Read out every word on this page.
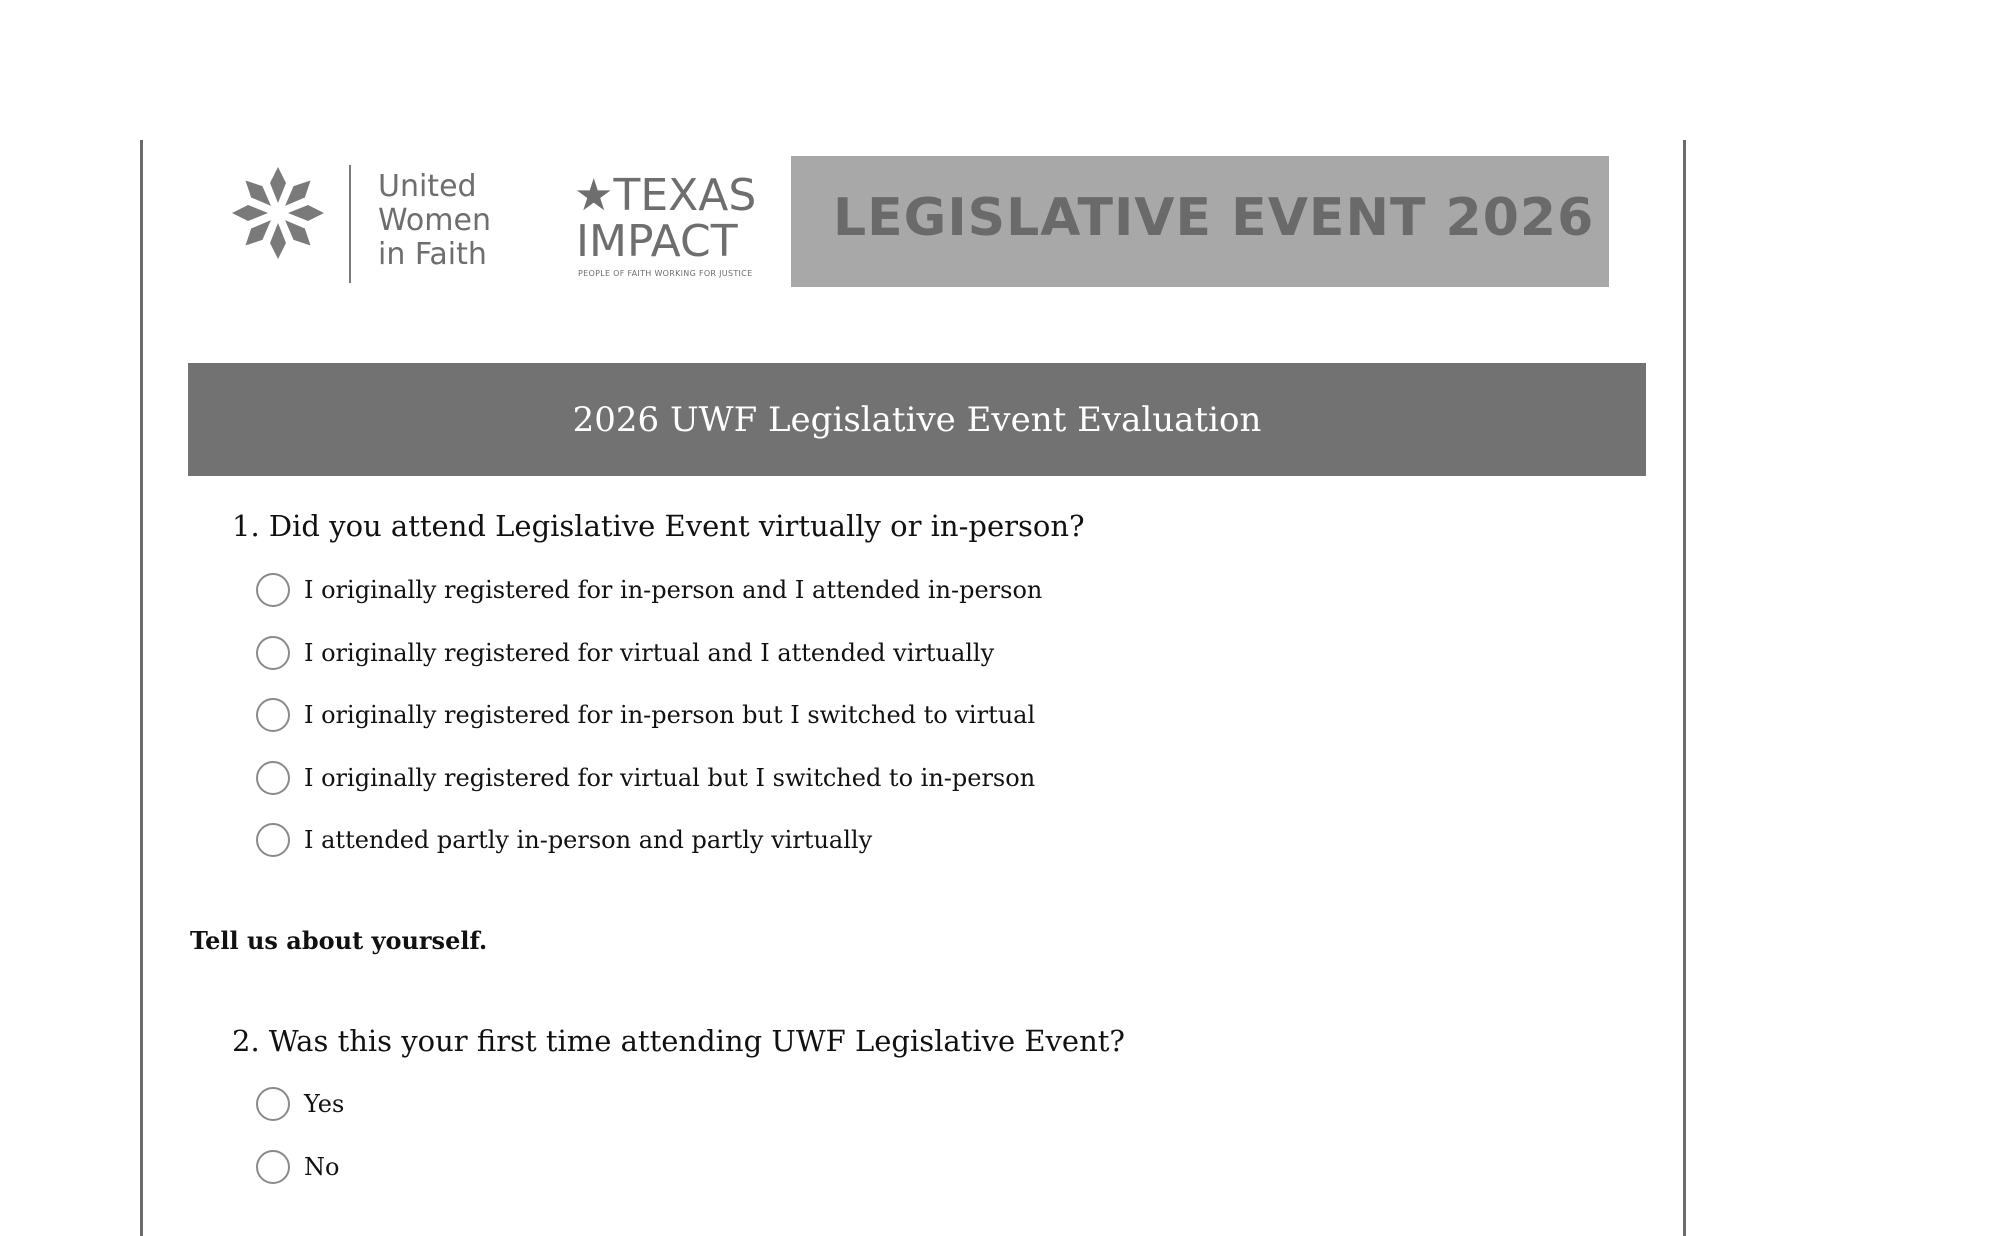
United
Women
in Faith
★TEXAS
IMPACT
PEOPLE OF FAITH WORKING FOR JUSTICE
LEGISLATIVE EVENT 2026
2026 UWF Legislative Event Evaluation
1. Did you attend Legislative Event virtually or in-person?
I originally registered for in-person and I attended in-person
I originally registered for virtual and I attended virtually
I originally registered for in-person but I switched to virtual
I originally registered for virtual but I switched to in-person
I attended partly in-person and partly virtually
Tell us about yourself.
2. Was this your first time attending UWF Legislative Event?
Yes
No
